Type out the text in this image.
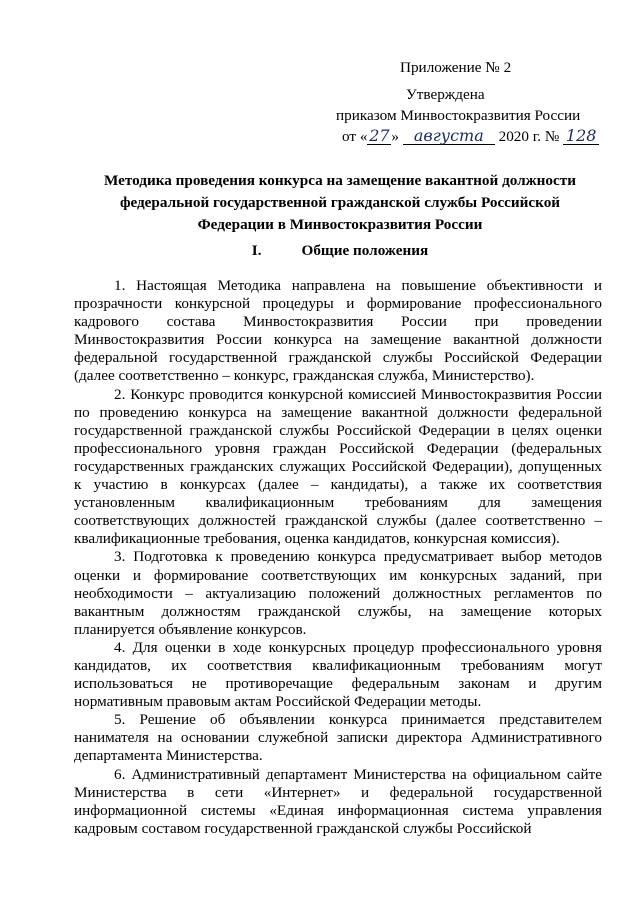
Приложение № 2
Утверждена
приказом Минвостокразвития России
от « 27 » августа 2020 г. № 128
Методика проведения конкурса на замещение вакантной должности
федеральной государственной гражданской службы Российской
Федерации в Минвостокразвития России
I.	Общие положения

1. Настоящая Методика направлена на повышение объективности и прозрачности конкурсной процедуры и формирование профессионального кадрового состава Минвостокразвития России при проведении Минвостокразвития России конкурса на замещение вакантной должности федеральной государственной гражданской службы Российской Федерации (далее соответственно – конкурс, гражданская служба, Министерство).

2. Конкурс проводится конкурсной комиссией Минвостокразвития России по проведению конкурса на замещение вакантной должности федеральной государственной гражданской службы Российской Федерации в целях оценки профессионального уровня граждан Российской Федерации (федеральных государственных гражданских служащих Российской Федерации), допущенных к участию в конкурсах (далее – кандидаты), а также их соответствия установленным квалификационным требованиям для замещения соответствующих должностей гражданской службы (далее соответственно – квалификационные требования, оценка кандидатов, конкурсная комиссия).

3. Подготовка к проведению конкурса предусматривает выбор методов оценки и формирование соответствующих им конкурсных заданий, при необходимости – актуализацию положений должностных регламентов по вакантным должностям гражданской службы, на замещение которых планируется объявление конкурсов.

4. Для оценки в ходе конкурсных процедур профессионального уровня кандидатов, их соответствия квалификационным требованиям могут использоваться не противоречащие федеральным законам и другим нормативным правовым актам Российской Федерации методы.

5. Решение об объявлении конкурса принимается представителем нанимателя на основании служебной записки директора Административного департамента Министерства.

6. Административный департамент Министерства на официальном сайте Министерства в сети «Интернет» и федеральной государственной информационной системы «Единая информационная система управления кадровым составом государственной гражданской службы Российской
